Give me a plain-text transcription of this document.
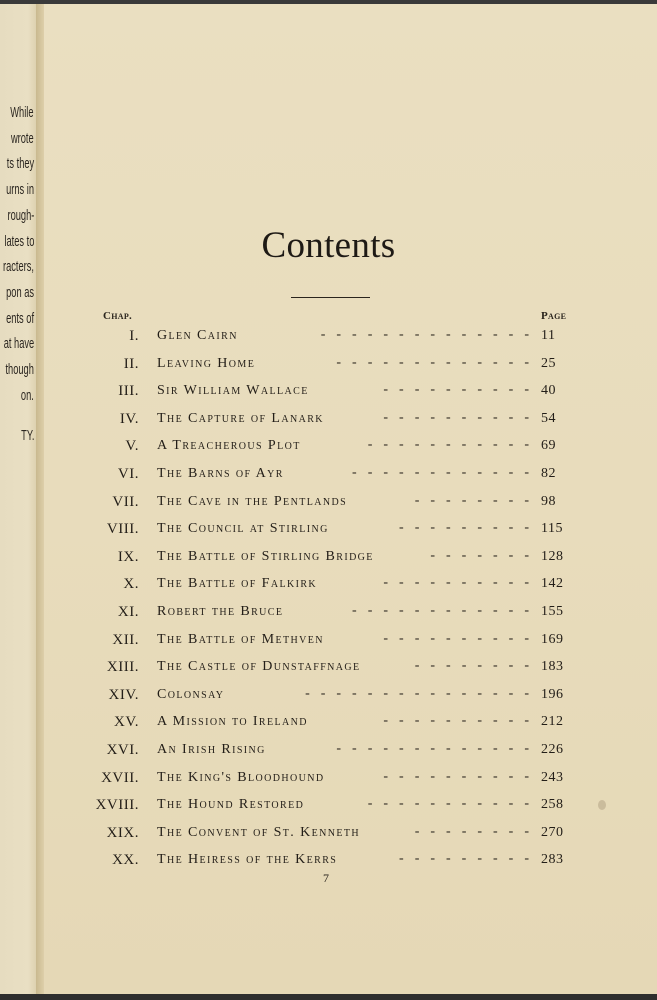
While
wrote
ts they
urns in
rough-
lates to
racters,
pon as
ents of
at have
though
on.
TY.
Contents
Chap.	Page
I. Glen Cairn	11
--------------
II. Leaving Home	25
-------------
III. Sir William Wallace	40
----------
IV. The Capture of Lanark	54
----------
V. A Treacherous Plot	69
-----------
VI. The Barns of Ayr	82
------------
VII. The Cave in the Pentlands	98
--------
VIII. The Council at Stirling	115
---------
IX. The Battle of Stirling Bridge	128
-------
X. The Battle of Falkirk	142
----------
XI. Robert the Bruce	155
------------
XII. The Battle of Methven	169
----------
XIII. The Castle of Dunstaffnage	183
--------
XIV. Colonsay	196
---------------
XV. A Mission to Ireland	212
----------
XVI. An Irish Rising	226
-------------
XVII. The King's Bloodhound	243
----------
XVIII. The Hound Restored	258
-----------
XIX. The Convent of St. Kenneth	270
--------
XX. The Heiress of the Kerrs	283
---------
7
